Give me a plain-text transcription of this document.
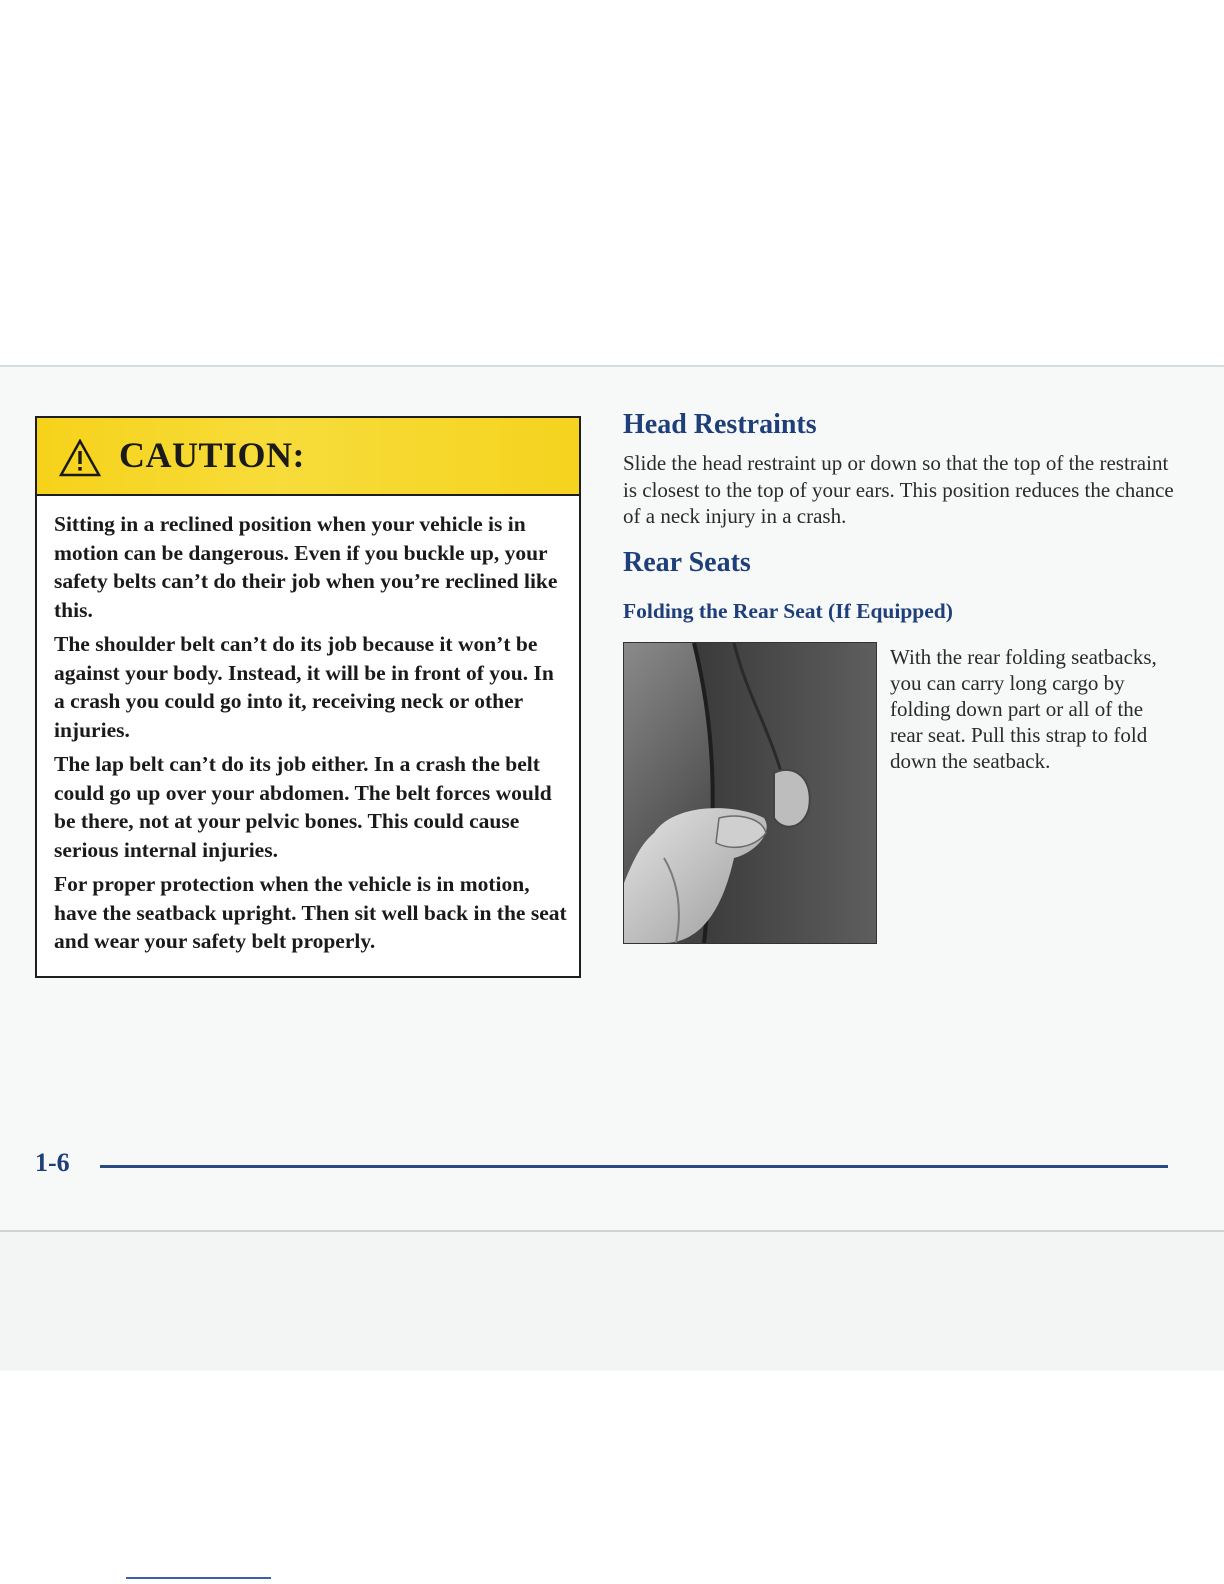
CAUTION:

Sitting in a reclined position when your vehicle is in motion can be dangerous. Even if you buckle up, your safety belts can’t do their job when you’re reclined like this.

The shoulder belt can’t do its job because it won’t be against your body. Instead, it will be in front of you. In a crash you could go into it, receiving neck or other injuries.

The lap belt can’t do its job either. In a crash the belt could go up over your abdomen. The belt forces would be there, not at your pelvic bones. This could cause serious internal injuries.

For proper protection when the vehicle is in motion, have the seatback upright. Then sit well back in the seat and wear your safety belt properly.

Head Restraints

Slide the head restraint up or down so that the top of the restraint is closest to the top of your ears. This position reduces the chance of a neck injury in a crash.

Rear Seats
Folding the Rear Seat (If Equipped)

With the rear folding seatbacks, you can carry long cargo by folding down part or all of the rear seat. Pull this strap to fold down the seatback.

1-6
